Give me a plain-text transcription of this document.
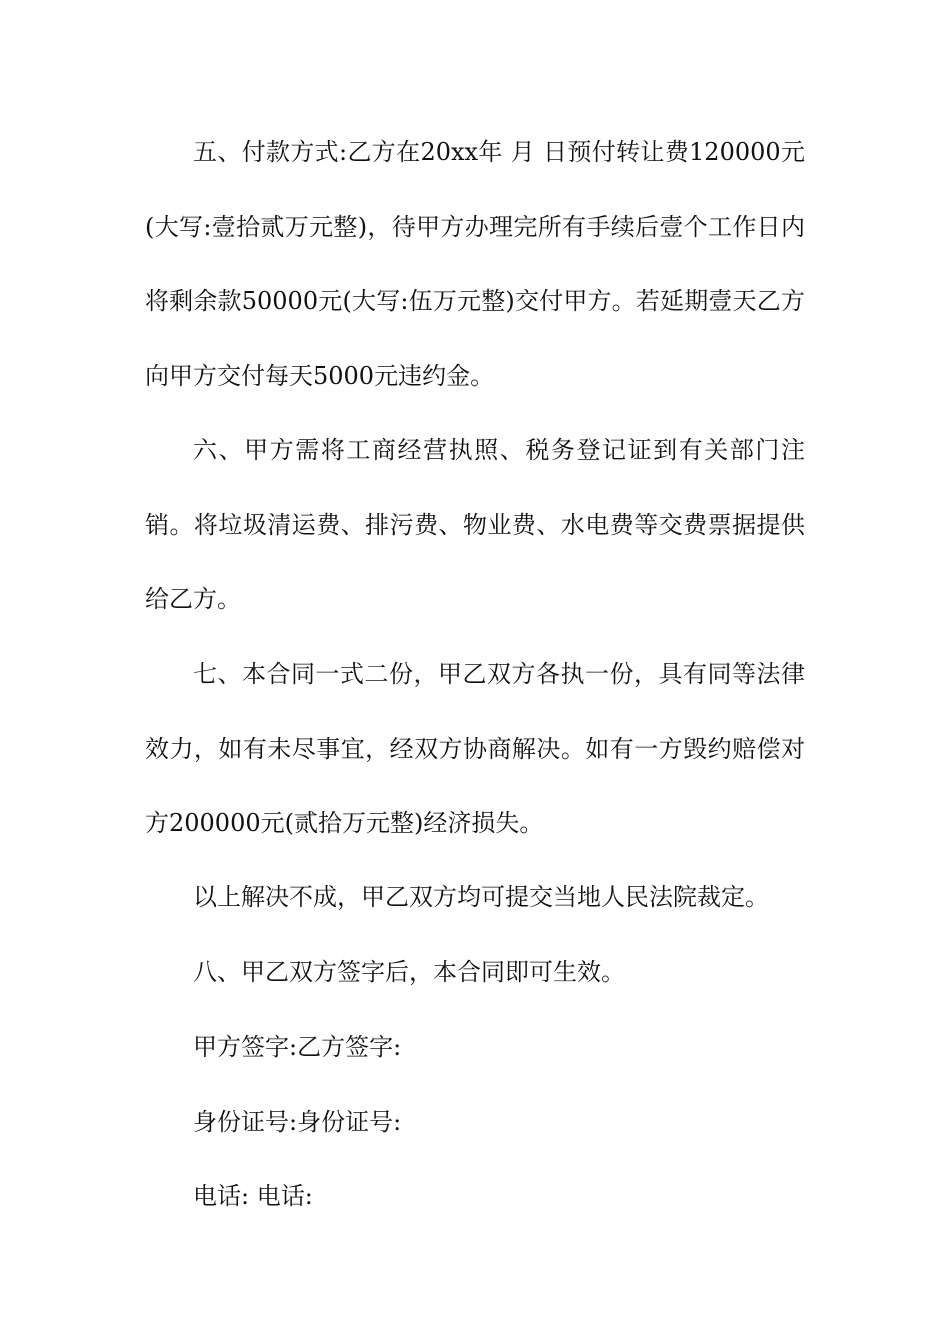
五、付款方式:乙方在20xx年 月 日预付转让费120000元(大写:壹拾贰万元整)，待甲方办理完所有手续后壹个工作日内将剩余款50000元(大写:伍万元整)交付甲方。若延期壹天乙方向甲方交付每天5000元违约金。

六、甲方需将工商经营执照、税务登记证到有关部门注销。将垃圾清运费、排污费、物业费、水电费等交费票据提供给乙方。

七、本合同一式二份，甲乙双方各执一份，具有同等法律效力，如有未尽事宜，经双方协商解决。如有一方毁约赔偿对方200000元(贰拾万元整)经济损失。

以上解决不成，甲乙双方均可提交当地人民法院裁定。

八、甲乙双方签字后，本合同即可生效。

甲方签字:乙方签字:

身份证号:身份证号:

电话: 电话:
